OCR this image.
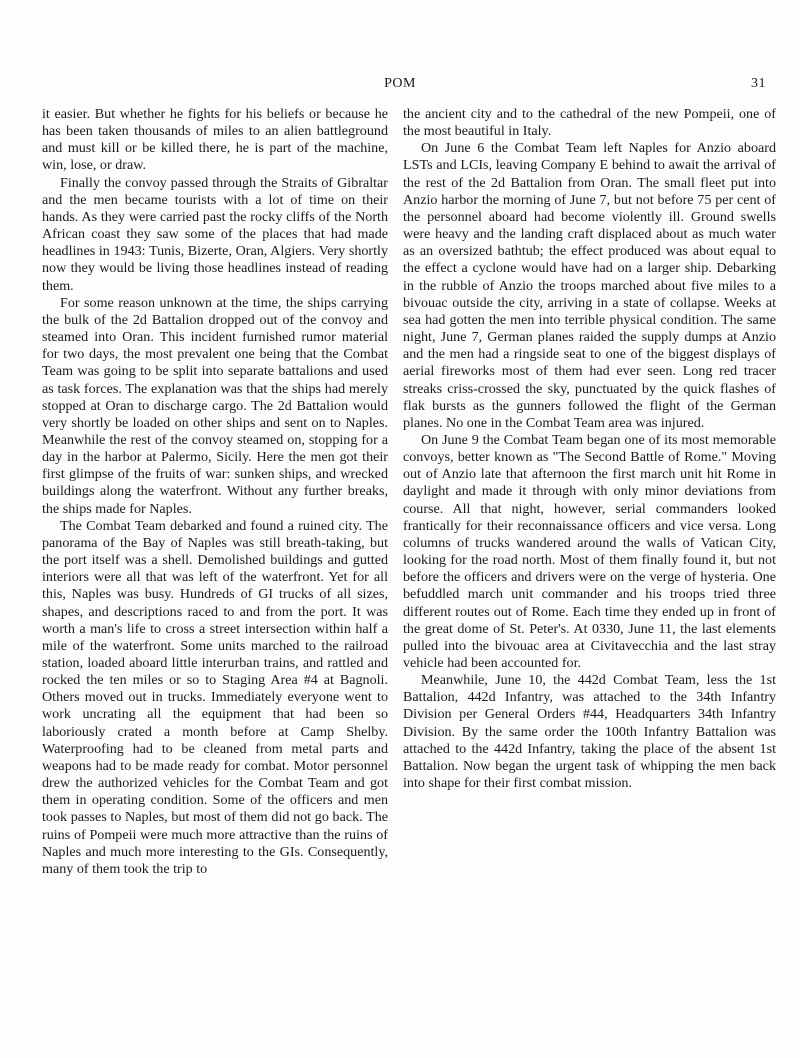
POM	31

it easier. But whether he fights for his beliefs or because he has been taken thousands of miles to an alien battleground and must kill or be killed there, he is part of the machine, win, lose, or draw.

Finally the convoy passed through the Straits of Gibraltar and the men became tourists with a lot of time on their hands. As they were carried past the rocky cliffs of the North African coast they saw some of the places that had made headlines in 1943: Tunis, Bizerte, Oran, Algiers. Very shortly now they would be living those headlines instead of reading them.

For some reason unknown at the time, the ships carrying the bulk of the 2d Battalion dropped out of the convoy and steamed into Oran. This incident furnished rumor material for two days, the most prevalent one being that the Combat Team was going to be split into separate battalions and used as task forces. The explanation was that the ships had merely stopped at Oran to discharge cargo. The 2d Battalion would very shortly be loaded on other ships and sent on to Naples. Meanwhile the rest of the convoy steamed on, stopping for a day in the harbor at Palermo, Sicily. Here the men got their first glimpse of the fruits of war: sunken ships, and wrecked buildings along the waterfront. Without any further breaks, the ships made for Naples.

The Combat Team debarked and found a ruined city. The panorama of the Bay of Naples was still breath-taking, but the port itself was a shell. Demolished buildings and gutted interiors were all that was left of the waterfront. Yet for all this, Naples was busy. Hundreds of GI trucks of all sizes, shapes, and descriptions raced to and from the port. It was worth a man's life to cross a street intersection within half a mile of the waterfront. Some units marched to the railroad station, loaded aboard little interurban trains, and rattled and rocked the ten miles or so to Staging Area #4 at Bagnoli. Others moved out in trucks. Immediately everyone went to work uncrating all the equipment that had been so laboriously crated a month before at Camp Shelby. Waterproofing had to be cleaned from metal parts and weapons had to be made ready for combat. Motor personnel drew the authorized vehicles for the Combat Team and got them in operating condition. Some of the officers and men took passes to Naples, but most of them did not go back. The ruins of Pompeii were much more attractive than the ruins of Naples and much more interesting to the GIs. Consequently, many of them took the trip to

the ancient city and to the cathedral of the new Pompeii, one of the most beautiful in Italy.

On June 6 the Combat Team left Naples for Anzio aboard LSTs and LCIs, leaving Company E behind to await the arrival of the rest of the 2d Battalion from Oran. The small fleet put into Anzio harbor the morning of June 7, but not before 75 per cent of the personnel aboard had become violently ill. Ground swells were heavy and the landing craft displaced about as much water as an oversized bathtub; the effect produced was about equal to the effect a cyclone would have had on a larger ship. Debarking in the rubble of Anzio the troops marched about five miles to a bivouac outside the city, arriving in a state of collapse. Weeks at sea had gotten the men into terrible physical condition. The same night, June 7, German planes raided the supply dumps at Anzio and the men had a ringside seat to one of the biggest displays of aerial fireworks most of them had ever seen. Long red tracer streaks criss-crossed the sky, punctuated by the quick flashes of flak bursts as the gunners followed the flight of the German planes. No one in the Combat Team area was injured.

On June 9 the Combat Team began one of its most memorable convoys, better known as "The Second Battle of Rome." Moving out of Anzio late that afternoon the first march unit hit Rome in daylight and made it through with only minor deviations from course. All that night, however, serial commanders looked frantically for their reconnaissance officers and vice versa. Long columns of trucks wandered around the walls of Vatican City, looking for the road north. Most of them finally found it, but not before the officers and drivers were on the verge of hysteria. One befuddled march unit commander and his troops tried three different routes out of Rome. Each time they ended up in front of the great dome of St. Peter's. At 0330, June 11, the last elements pulled into the bivouac area at Civitavecchia and the last stray vehicle had been accounted for.

Meanwhile, June 10, the 442d Combat Team, less the 1st Battalion, 442d Infantry, was attached to the 34th Infantry Division per General Orders #44, Headquarters 34th Infantry Division. By the same order the 100th Infantry Battalion was attached to the 442d Infantry, taking the place of the absent 1st Battalion. Now began the urgent task of whipping the men back into shape for their first combat mission.
